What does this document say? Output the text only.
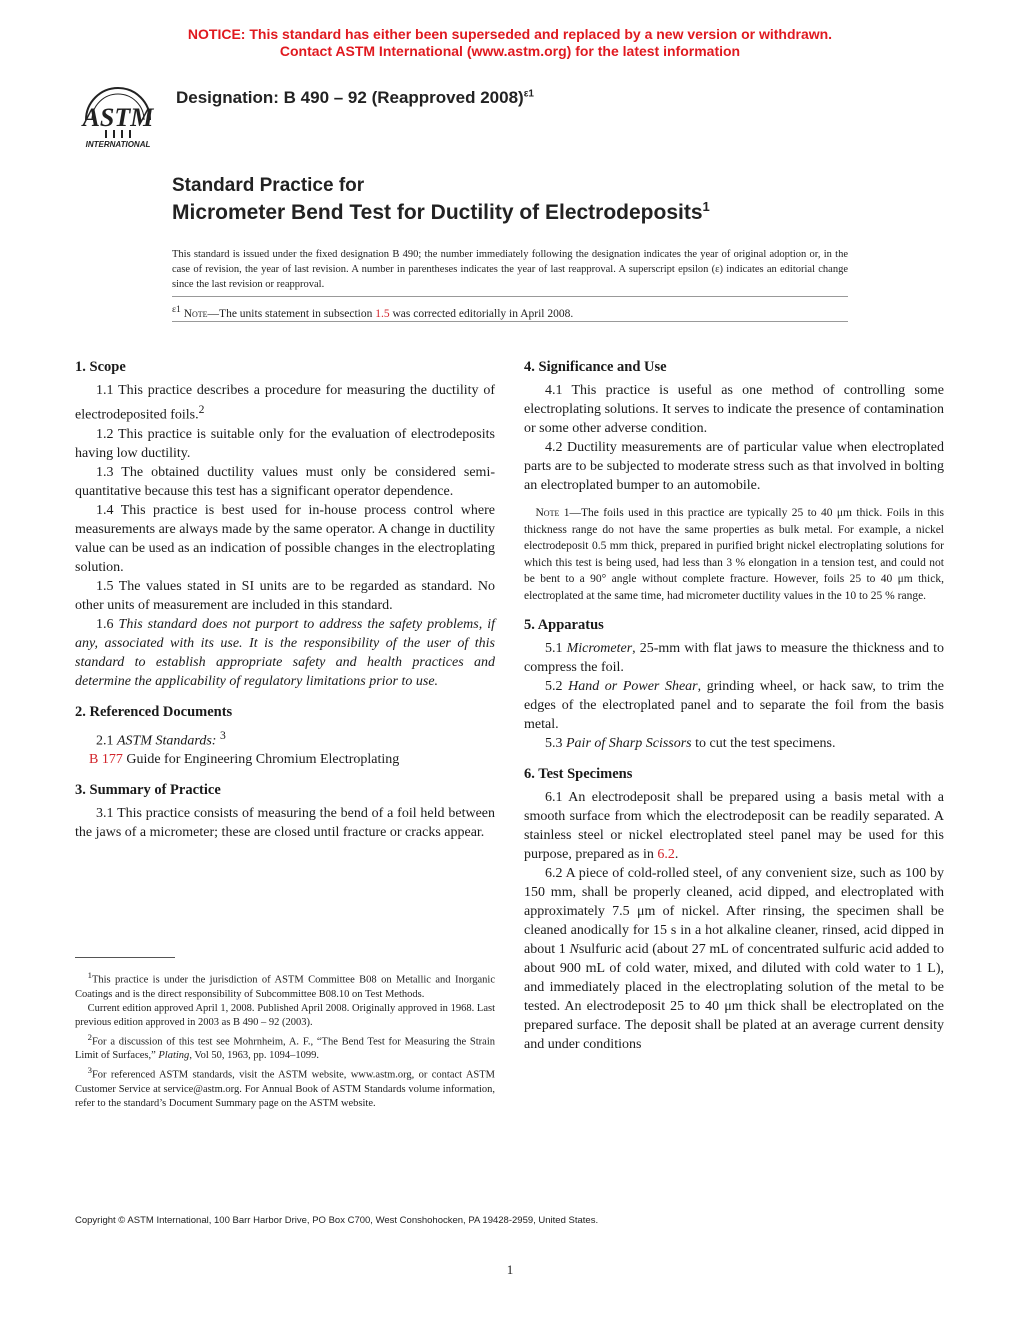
NOTICE: This standard has either been superseded and replaced by a new version or withdrawn.
Contact ASTM International (www.astm.org) for the latest information
ASTM
INTERNATIONAL
Designation: B 490 – 92 (Reapproved 2008)$^{\varepsilon 1}$
Standard Practice for
Micrometer Bend Test for Ductility of Electrodeposits$^1$
This standard is issued under the fixed designation B 490; the number immediately following the designation indicates the year of original adoption or, in the case of revision, the year of last revision. A number in parentheses indicates the year of last reapproval. A superscript epsilon (ε) indicates an editorial change since the last revision or reapproval.
$^{\varepsilon 1}$ Note—The units statement in subsection 1.5 was corrected editorially in April 2008.
1. Scope

1.1 This practice describes a procedure for measuring the ductility of electrodeposited foils.$^2$

1.2 This practice is suitable only for the evaluation of electrodeposits having low ductility.

1.3 The obtained ductility values must only be considered semi-quantitative because this test has a significant operator dependence.

1.4 This practice is best used for in-house process control where measurements are always made by the same operator. A change in ductility value can be used as an indication of possible changes in the electroplating solution.

1.5 The values stated in SI units are to be regarded as standard. No other units of measurement are included in this standard.

1.6 This standard does not purport to address the safety problems, if any, associated with its use. It is the responsibility of the user of this standard to establish appropriate safety and health practices and determine the applicability of regulatory limitations prior to use.

2. Referenced Documents

2.1 ASTM Standards: $^3$

B 177 Guide for Engineering Chromium Electroplating

3. Summary of Practice

3.1 This practice consists of measuring the bend of a foil held between the jaws of a micrometer; these are closed until fracture or cracks appear.

$^1$This practice is under the jurisdiction of ASTM Committee B08 on Metallic and Inorganic Coatings and is the direct responsibility of Subcommittee B08.10 on Test Methods.

Current edition approved April 1, 2008. Published April 2008. Originally approved in 1968. Last previous edition approved in 2003 as B 490 – 92 (2003).

$^2$For a discussion of this test see Mohrnheim, A. F., “The Bend Test for Measuring the Strain Limit of Surfaces,” Plating, Vol 50, 1963, pp. 1094–1099.

$^3$For referenced ASTM standards, visit the ASTM website, www.astm.org, or contact ASTM Customer Service at service@astm.org. For Annual Book of ASTM Standards volume information, refer to the standard’s Document Summary page on the ASTM website.

4. Significance and Use

4.1 This practice is useful as one method of controlling some electroplating solutions. It serves to indicate the presence of contamination or some other adverse condition.

4.2 Ductility measurements are of particular value when electroplated parts are to be subjected to moderate stress such as that involved in bolting an electroplated bumper to an automobile.

Note 1—The foils used in this practice are typically 25 to 40 μm thick. Foils in this thickness range do not have the same properties as bulk metal. For example, a nickel electrodeposit 0.5 mm thick, prepared in purified bright nickel electroplating solutions for which this test is being used, had less than 3 % elongation in a tension test, and could not be bent to a 90° angle without complete fracture. However, foils 25 to 40 μm thick, electroplated at the same time, had micrometer ductility values in the 10 to 25 % range.

5. Apparatus

5.1 Micrometer, 25-mm with flat jaws to measure the thickness and to compress the foil.

5.2 Hand or Power Shear, grinding wheel, or hack saw, to trim the edges of the electroplated panel and to separate the foil from the basis metal.

5.3 Pair of Sharp Scissors to cut the test specimens.

6. Test Specimens

6.1 An electrodeposit shall be prepared using a basis metal with a smooth surface from which the electrodeposit can be readily separated. A stainless steel or nickel electroplated steel panel may be used for this purpose, prepared as in 6.2.

6.2 A piece of cold-rolled steel, of any convenient size, such as 100 by 150 mm, shall be properly cleaned, acid dipped, and electroplated with approximately 7.5 μm of nickel. After rinsing, the specimen shall be cleaned anodically for 15 s in a hot alkaline cleaner, rinsed, acid dipped in about 1 Nsulfuric acid (about 27 mL of concentrated sulfuric acid added to about 900 mL of cold water, mixed, and diluted with cold water to 1 L), and immediately placed in the electroplating solution of the metal to be tested. An electrodeposit 25 to 40 μm thick shall be electroplated on the prepared surface. The deposit shall be plated at an average current density and under conditions

Copyright © ASTM International, 100 Barr Harbor Drive, PO Box C700, West Conshohocken, PA 19428-2959, United States.
1
